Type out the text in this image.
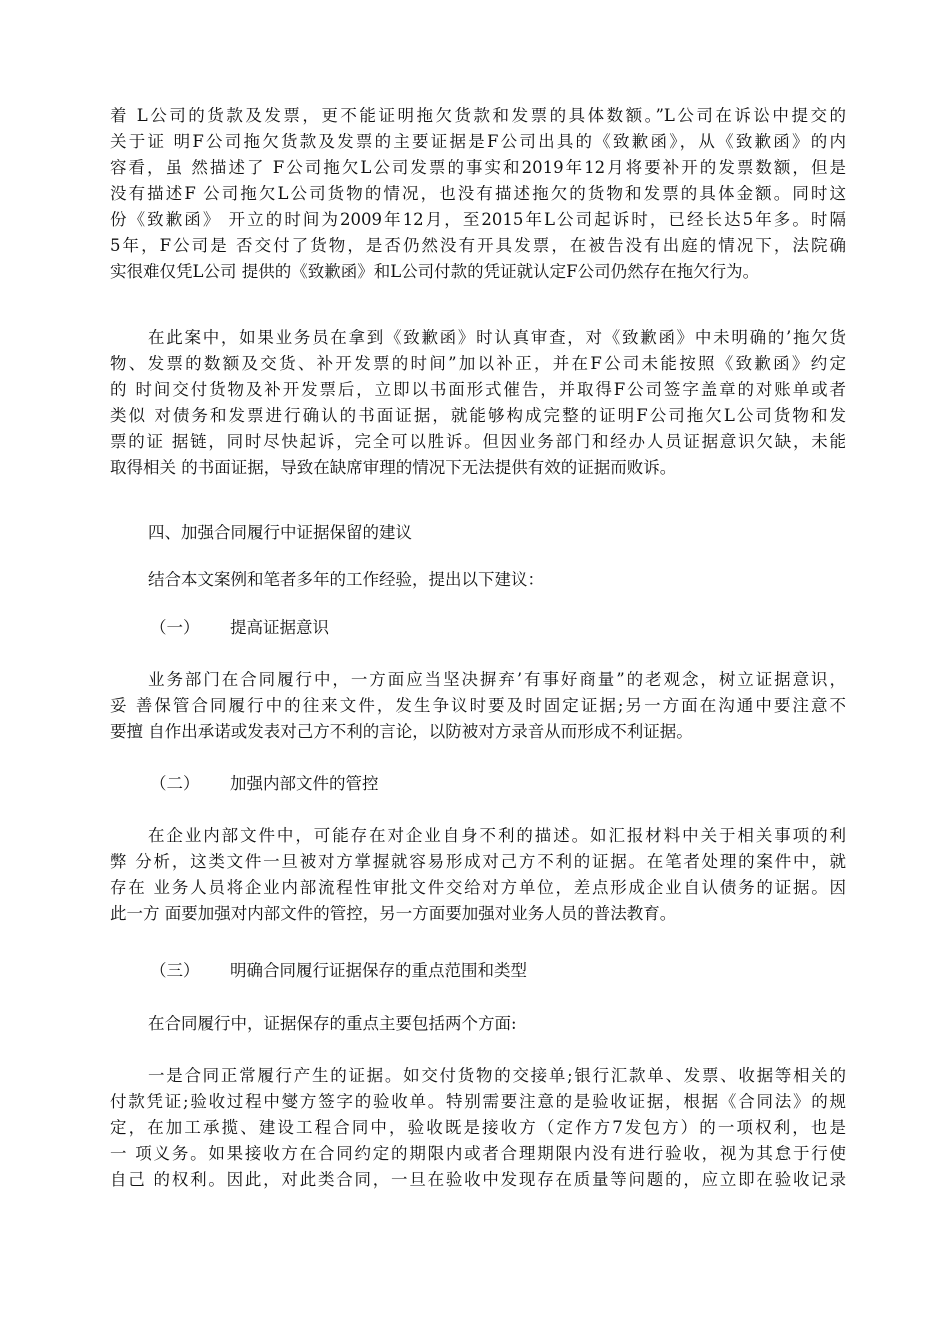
着 L公司的货款及发票，更不能证明拖欠货款和发票的具体数额。”L公司在诉讼中提交的
关于证 明F公司拖欠货款及发票的主要证据是F公司出具的《致歉函》，从《致歉函》的内
容看，虽 然描述了 F公司拖欠L公司发票的事实和2019年12月将要补开的发票数额，但是
没有描述F 公司拖欠L公司货物的情况，也没有描述拖欠的货物和发票的具体金额。同时这
份《致歉函》 开立的时间为2009年12月，至2015年L公司起诉时，已经长达5年多。时隔
5年，F公司是 否交付了货物，是否仍然没有开具发票，在被告没有出庭的情况下，法院确
实很难仅凭L公司 提供的《致歉函》和L公司付款的凭证就认定F公司仍然存在拖欠行为。
在此案中，如果业务员在拿到《致歉函》时认真审查，对《致歉函》中未明确的’拖欠货
物、发票的数额及交货、补开发票的时间”加以补正，并在F公司未能按照《致歉函》约定
的 时间交付货物及补开发票后，立即以书面形式催告，并取得F公司签字盖章的对账单或者
类似 对债务和发票进行确认的书面证据，就能够构成完整的证明F公司拖欠L公司货物和发
票的证 据链，同时尽快起诉，完全可以胜诉。但因业务部门和经办人员证据意识欠缺，未能
取得相关 的书面证据，导致在缺席审理的情况下无法提供有效的证据而败诉。
四、加强合同履行中证据保留的建议
结合本文案例和笔者多年的工作经验，提出以下建议：
（一） 提高证据意识
业务部门在合同履行中，一方面应当坚决摒弃’有事好商量”的老观念，树立证据意识，
妥 善保管合同履行中的往来文件，发生争议时要及时固定证据;另一方面在沟通中要注意不
要擅 自作出承诺或发表对己方不利的言论，以防被对方录音从而形成不利证据。
（二） 加强内部文件的管控
在企业内部文件中，可能存在对企业自身不利的描述。如汇报材料中关于相关事项的利
弊 分析，这类文件一旦被对方掌握就容易形成对己方不利的证据。在笔者处理的案件中，就
存在 业务人员将企业内部流程性审批文件交给对方单位，差点形成企业自认债务的证据。因
此一方 面要加强对内部文件的管控，另一方面要加强对业务人员的普法教育。
（三） 明确合同履行证据保存的重点范围和类型
在合同履行中，证据保存的重点主要包括两个方面:
一是合同正常履行产生的证据。如交付货物的交接单;银行汇款单、发票、收据等相关的
付款凭证;验收过程中燮方签字的验收单。特别需要注意的是验收证据，根据《合同法》的规
定，在加工承揽、建设工程合同中，验收既是接收方（定作方7发包方）的一项权利，也是
一 项义务。如果接收方在合同约定的期限内或者合理期限内没有进行验收，视为其怠于行使
自己 的权利。因此，对此类合同，一旦在验收中发现存在质量等问题的，应立即在验收记录
